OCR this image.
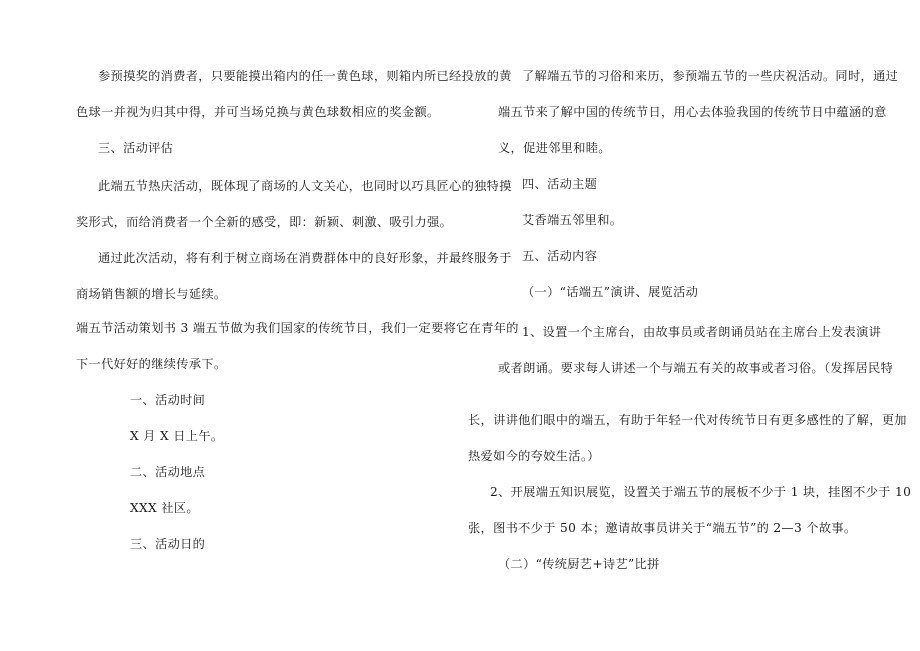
参预摸奖的消费者，只要能摸出箱内的任一黄色球，则箱内所已经投放的黄
色球一并视为归其中得，并可当场兑换与黄色球数相应的奖金额。
三、活动评估
此端五节热庆活动，既体现了商场的人文关心，也同时以巧具匠心的独特摸
奖形式，而给消费者一个全新的感受，即：新颖、刺激、吸引力强。
通过此次活动，将有利于树立商场在消费群体中的良好形象，并最终服务于
商场销售额的增长与延续。
端五节活动策划书 3 端五节做为我们国家的传统节日，我们一定要将它在青年的
下一代好好的继续传承下。
一、活动时间
X 月 X 日上午。
二、活动地点
XXX 社区。
三、活动日的
了解端五节的习俗和来历，参预端五节的一些庆祝活动。同时，通过
端五节来了解中国的传统节日，用心去体验我国的传统节日中蕴涵的意
义，促进邻里和睦。
四、活动主题
艾香端五邻里和。
五、活动内容
（一）“话端五”演讲、展览活动
1、设置一个主席台，由故事员或者朗诵员站在主席台上发表演讲
或者朗诵。要求每人讲述一个与端五有关的故事或者习俗。（发挥居民特
长，讲讲他们眼中的端五，有助于年轻一代对传统节日有更多感性的了解，更加
热爱如今的夸姣生活。）
2、开展端五知识展览，设置关于端五节的展板不少于 1 块，挂图不少于 10
张，图书不少于 50 本；邀请故事员讲关于“端五节”的 2—3 个故事。
（二）“传统厨艺+诗艺”比拼
